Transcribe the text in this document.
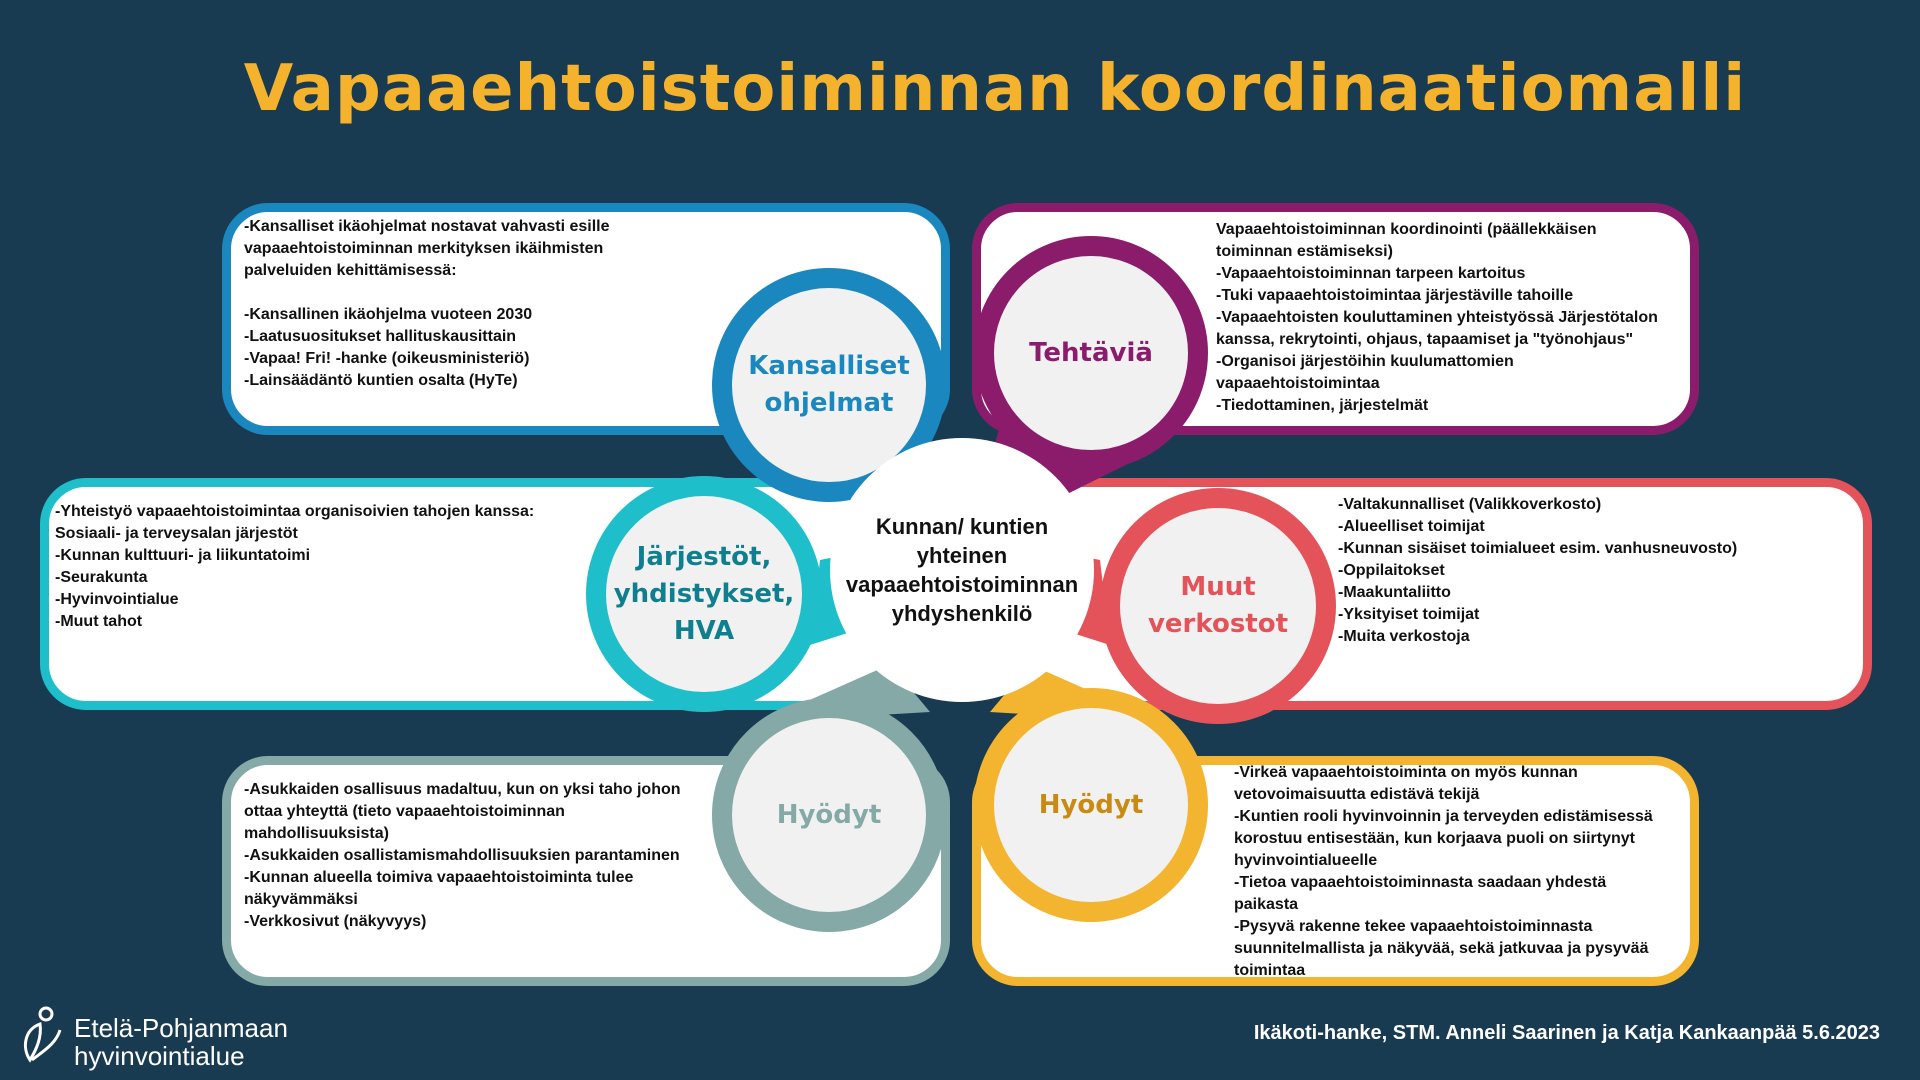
Vapaaehtoistoiminnan koordinaatiomalli
-Kansalliset ikäohjelmat nostavat vahvasti esille
vapaaehtoistoiminnan merkityksen ikäihmisten
palveluiden kehittämisessä:

-Kansallinen ikäohjelma vuoteen 2030
-Laatusuositukset hallituskausittain
-Vapaa! Fri! -hanke (oikeusministeriö)
-Lainsäädäntö kuntien osalta (HyTe)
Vapaaehtoistoiminnan koordinointi (päällekkäisen
toiminnan estämiseksi)
-Vapaaehtoistoiminnan tarpeen kartoitus
-Tuki vapaaehtoistoimintaa järjestäville tahoille
-Vapaaehtoisten kouluttaminen yhteistyössä Järjestötalon
kanssa, rekrytointi, ohjaus, tapaamiset ja "työnohjaus"
-Organisoi järjestöihin kuulumattomien
vapaaehtoistoimintaa
-Tiedottaminen, järjestelmät
-Yhteistyö vapaaehtoistoimintaa organisoivien tahojen kanssa:
Sosiaali- ja terveysalan järjestöt
-Kunnan kulttuuri- ja liikuntatoimi
-Seurakunta
-Hyvinvointialue
-Muut tahot
-Valtakunnalliset (Valikkoverkosto)
-Alueelliset toimijat
-Kunnan sisäiset toimialueet esim. vanhusneuvosto)
-Oppilaitokset
-Maakuntaliitto
-Yksityiset toimijat
-Muita verkostoja
-Asukkaiden osallisuus madaltuu, kun on yksi taho johon
ottaa yhteyttä (tieto vapaaehtoistoiminnan
mahdollisuuksista)
-Asukkaiden osallistamismahdollisuuksien parantaminen
-Kunnan alueella toimiva vapaaehtoistoiminta tulee
näkyvämmäksi
-Verkkosivut (näkyvyys)
-Virkeä vapaaehtoistoiminta on myös kunnan
vetovoimaisuutta edistävä tekijä
-Kuntien rooli hyvinvoinnin ja terveyden edistämisessä
korostuu entisestään, kun korjaava puoli on siirtynyt
hyvinvointialueelle
-Tietoa vapaaehtoistoiminnasta saadaan yhdestä
paikasta
-Pysyvä rakenne tekee vapaaehtoistoiminnasta
suunnitelmallista ja näkyvää, sekä jatkuvaa ja pysyvää
toimintaa
Kansalliset
ohjelmat
Tehtäviä
Järjestöt,
yhdistykset,
HVA
Muut
verkostot
Hyödyt	Hyödyt
Kunnan/ kuntien
yhteinen
vapaaehtoistoiminnan
yhdyshenkilö
Etelä-Pohjanmaan
hyvinvointialue
Ikäkoti-hanke, STM. Anneli Saarinen ja Katja Kankaanpää 5.6.2023
